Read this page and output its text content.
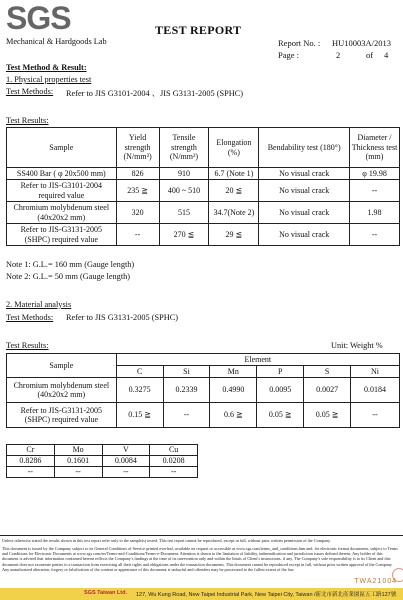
SGS
Mechanical & Hardgoods Lab
TEST REPORT
Report No. : HU10003A/2013
Page :	2	of 4
Test Method & Result:
1. Physical properties test
Test Methods: Refer to JIS G3101-2004 、JIS G3131-2005 (SPHC)
Test Results:
Sample	Yield strength (N/mm²)	Tensile strength (N/mm²)	Elongation (%)	Bendability test (180°)	Diameter / Thickness test (mm)
SS400 Bar ( φ 20x500 mm)	826	910	6.7 (Note 1)	No visual crack	φ 19.98
Refer to JIS-G3101-2004 required value	235 ≧	400 ~ 510	20 ≦	No visual crack	--
Chromium molybdenum steel (40x20x2 mm)	320	515	34.7(Note 2)	No visual crack	1.98
Refer to JIS-G3131-2005 (SHPC) required value	--	270 ≦	29 ≦	No visual crack	--
Note 1: G.L.= 160 mm (Gauge length)
Note 2: G.L.= 50 mm (Gauge length)
2. Material analysis
Test Methods: Refer to JIS G3131-2005 (SPHC)
Test Results:	Unit: Weight %
Sample	Element					
	C	Si	Mn	P	S	Ni
Chromium molybdenum steel (40x20x2 mm)	0.3275	0.2339	0.4990	0.0095	0.0027	0.0184
Refer to JIS-G3131-2005 (SHPC) required value	0.15 ≧	--	0.6 ≧	0.05 ≧	0.05 ≧	--
Cr	Mo	V	Cu
0.8286	0.1601	0.0084	0.0208
--	--	--	--
Unless otherwise stated the results shown in this test report refer only to the sample(s) tested. This test report cannot be reproduced, except in full, without prior written permission of the Company.
This document is issued by the Company subject to its General Conditions of Service printed overleaf, available on request or accessible at www.sgs.com/terms_and_conditions.htm and, for electronic format documents, subject to Terms and Conditions for Electronic Documents at www.sgs.com/en/Terms-and-Conditions/Terms-e-Document. Attention is drawn to the limitation of liability, indemnification and jurisdiction issues defined therein. Any holder of this document is advised that information contained hereon reflects the Company's findings at the time of its intervention only and within the limits of Client's instructions, if any. The Company's sole responsibility is to its Client and this document does not exonerate parties to a transaction from exercising all their rights and obligations under the transaction documents. This document cannot be reproduced except in full, without prior written approval of the Company. Any unauthorized alteration, forgery or falsification of the content or appearance of this document is unlawful and offenders may be prosecuted to the fullest extent of the law.
TWA21004
SGS Taiwan Ltd. 127, Wu Kung Road, New Taipei Industrial Park, New Taipei City, Taiwan /新北市新北產業園區五工路127號
